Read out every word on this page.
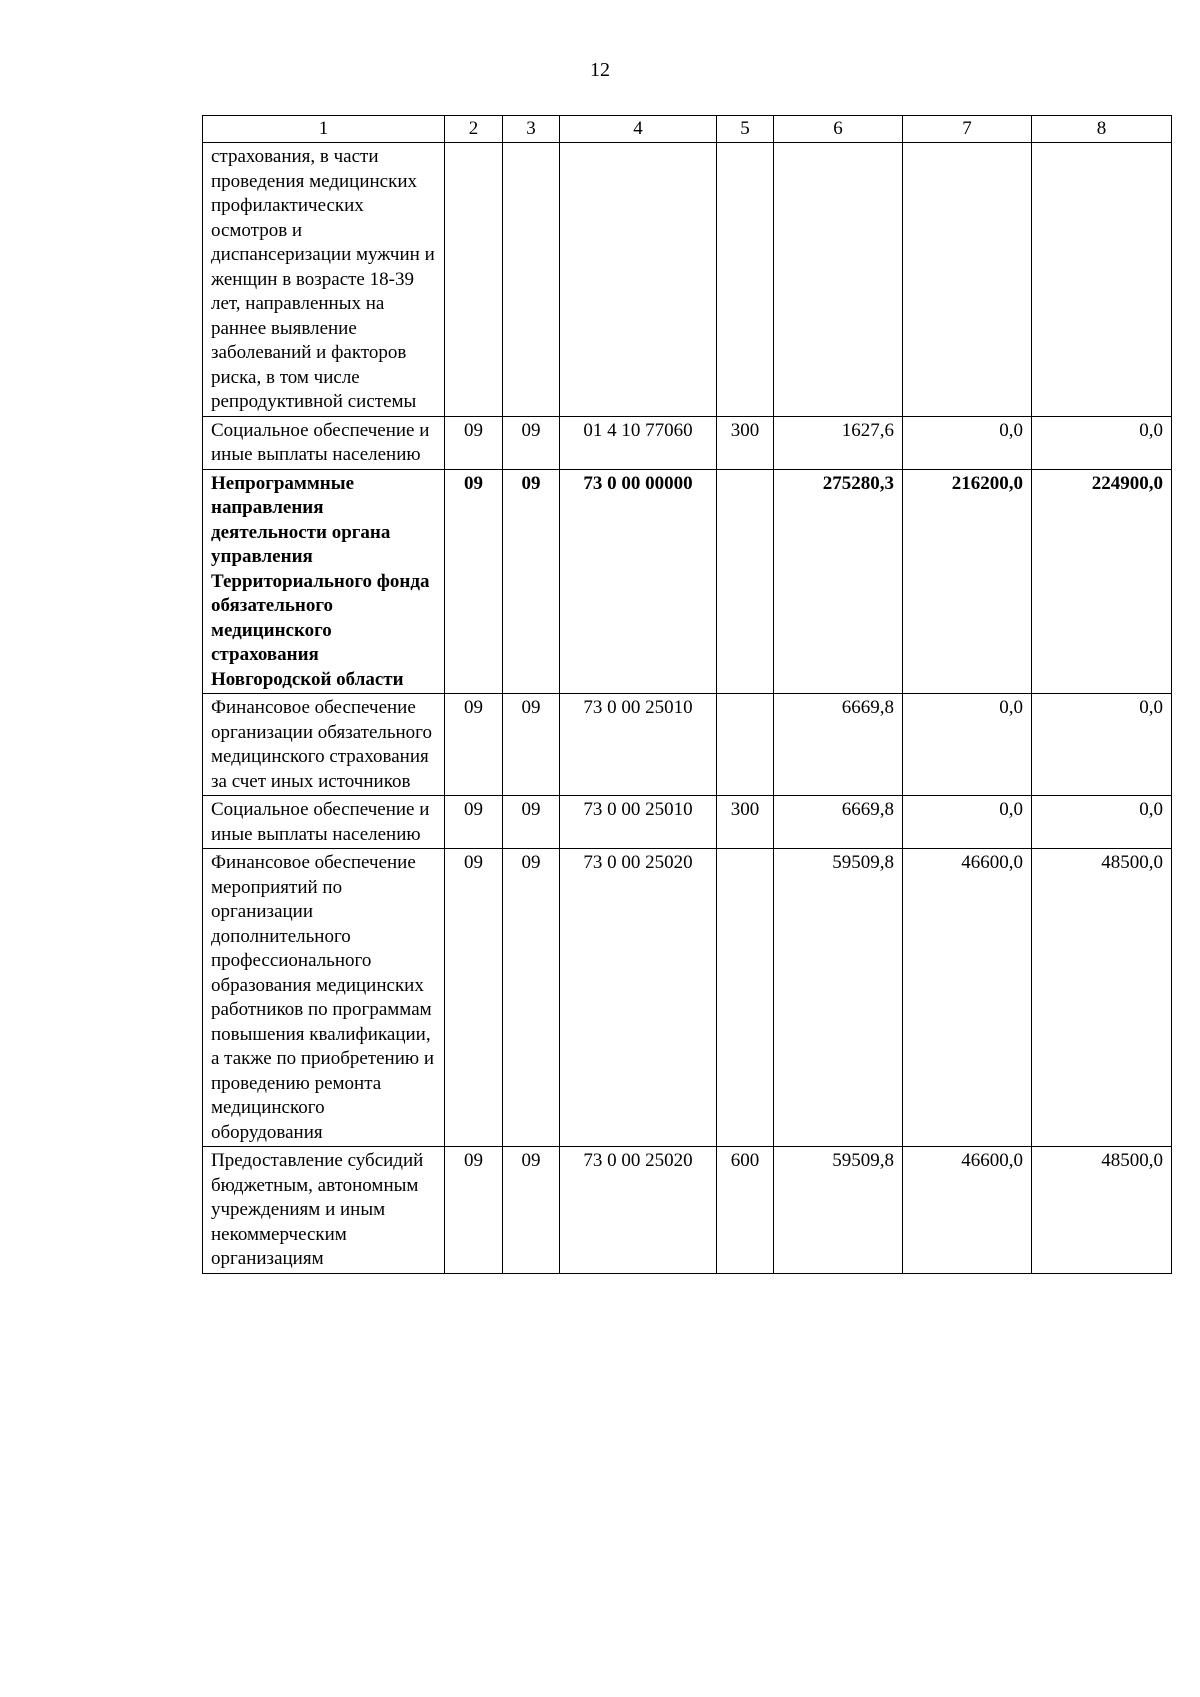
12
1	2	3	4	5	6	7	8
страхования, в части проведения медицинских профилактических осмотров и диспансеризации мужчин и женщин в возрасте 18-39 лет, направленных на раннее выявление заболеваний и факторов риска, в том числе репродуктивной системы							
Социальное обеспечение и иные выплаты населению	09	09	01 4 10 77060	300	1627,6	0,0	0,0
Непрограммные направления деятельности органа управления Территориального фонда обязательного медицинского страхования Новгородской области	09	09	73 0 00 00000		275280,3	216200,0	224900,0
Финансовое обеспечение организации обязательного медицинского страхования за счет иных источников	09	09	73 0 00 25010		6669,8	0,0	0,0
Социальное обеспечение и иные выплаты населению	09	09	73 0 00 25010	300	6669,8	0,0	0,0
Финансовое обеспечение мероприятий по организации дополнительного профессионального образования медицинских работников по программам повышения квалификации, а также по приобретению и проведению ремонта медицинского оборудования	09	09	73 0 00 25020		59509,8	46600,0	48500,0
Предоставление субсидий бюджетным, автономным учреждениям и иным некоммерческим организациям	09	09	73 0 00 25020	600	59509,8	46600,0	48500,0
